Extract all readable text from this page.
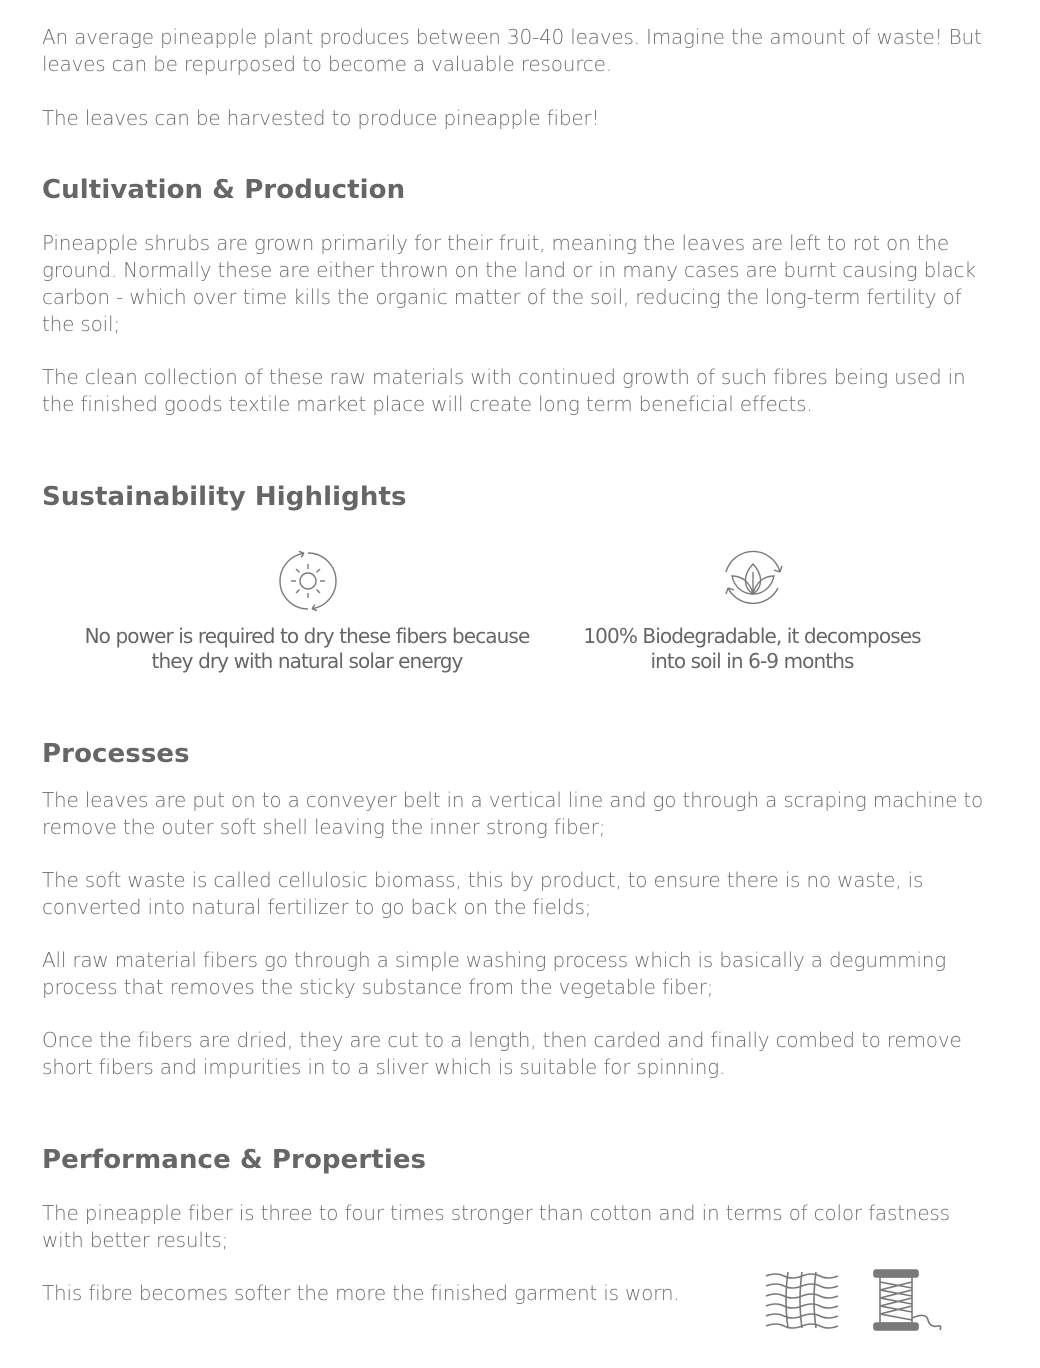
An average pineapple plant produces between 30-40 leaves. Imagine the amount of waste! But leaves can be repurposed to become a valuable resource.

The leaves can be harvested to produce pineapple fiber!

Cultivation & Production

Pineapple shrubs are grown primarily for their fruit, meaning the leaves are left to rot on the ground. Normally these are either thrown on the land or in many cases are burnt causing black carbon - which over time kills the organic matter of the soil, reducing the long-term fertility of the soil;

The clean collection of these raw materials with continued growth of such fibres being used in the finished goods textile market place will create long term beneficial effects.

Sustainability Highlights
No power is required to dry these fibers because they dry with natural solar energy
100% Biodegradable, it decomposes into soil in 6-9 months
Processes

The leaves are put on to a conveyer belt in a vertical line and go through a scraping machine to remove the outer soft shell leaving the inner strong fiber;

The soft waste is called cellulosic biomass, this by product, to ensure there is no waste, is converted into natural fertilizer to go back on the fields;

All raw material fibers go through a simple washing process which is basically a degumming process that removes the sticky substance from the vegetable fiber;

Once the fibers are dried, they are cut to a length, then carded and finally combed to remove short fibers and impurities in to a sliver which is suitable for spinning.

Performance & Properties

The pineapple fiber is three to four times stronger than cotton and in terms of color fastness with better results;

This fibre becomes softer the more the finished garment is worn.
